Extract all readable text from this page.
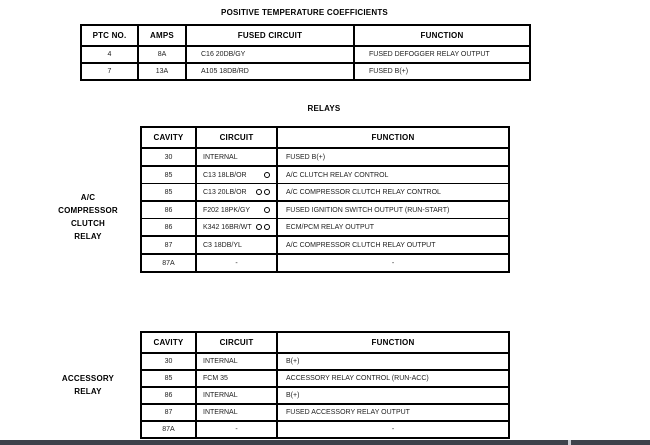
POSITIVE TEMPERATURE COEFFICIENTS
PTC NO.	AMPS	FUSED CIRCUIT	FUNCTION
4	8A	C16 20DB/GY	FUSED DEFOGGER RELAY OUTPUT
7	13A	A105 18DB/RD	FUSED B(+)
RELAYS
A/C
COMPRESSOR
CLUTCH
RELAY
CAVITY	CIRCUIT	FUNCTION
30	INTERNAL	FUSED B(+)
85	C13 18LB/OR	A/C CLUTCH RELAY CONTROL
85	C13 20LB/OR	A/C COMPRESSOR CLUTCH RELAY CONTROL
86	F202 18PK/GY	FUSED IGNITION SWITCH OUTPUT (RUN-START)
86	K342 16BR/WT	ECM/PCM RELAY OUTPUT
87	C3 18DB/YL	A/C COMPRESSOR CLUTCH RELAY OUTPUT
87A	-	-
ACCESSORY
RELAY
CAVITY	CIRCUIT	FUNCTION
30	INTERNAL	B(+)
85	FCM 35	ACCESSORY RELAY CONTROL (RUN-ACC)
86	INTERNAL	B(+)
87	INTERNAL	FUSED ACCESSORY RELAY OUTPUT
87A	-	-
